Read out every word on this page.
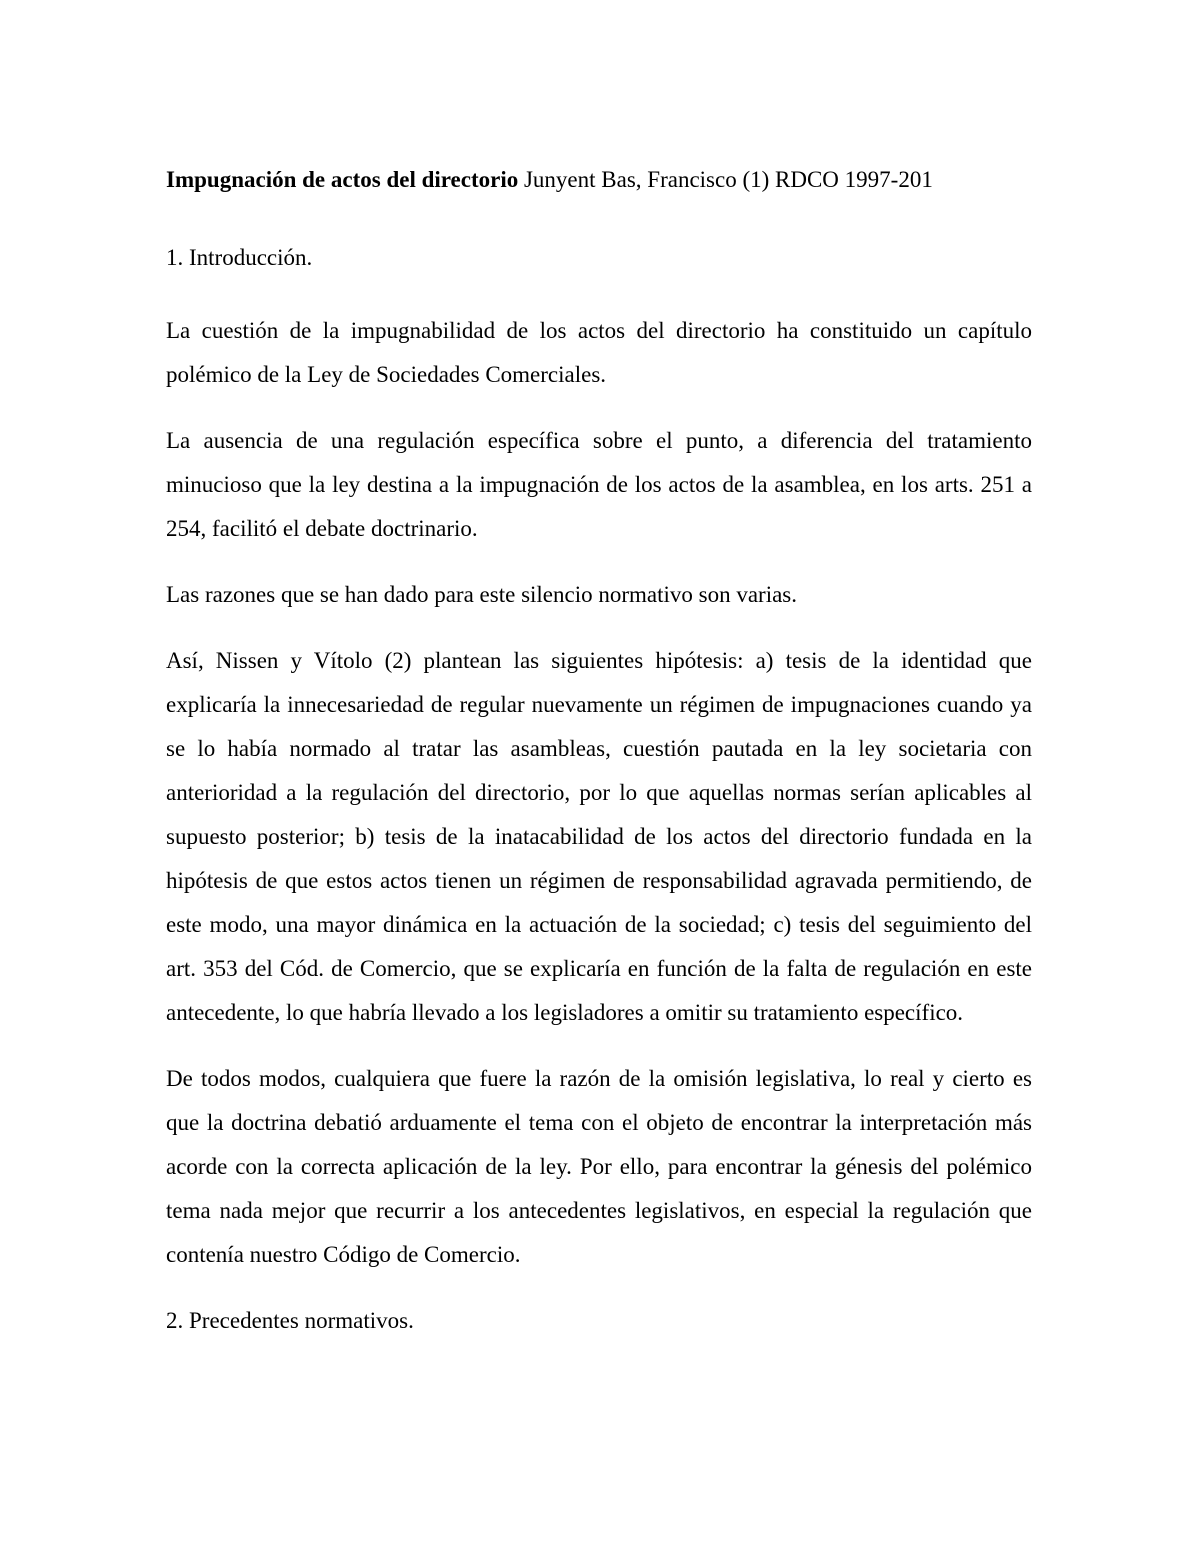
Impugnación de actos del directorio Junyent Bas, Francisco (1) RDCO 1997-201

1. Introducción.

La cuestión de la impugnabilidad de los actos del directorio ha constituido un capítulo polémico de la Ley de Sociedades Comerciales.

La ausencia de una regulación específica sobre el punto, a diferencia del tratamiento minucioso que la ley destina a la impugnación de los actos de la asamblea, en los arts. 251 a 254, facilitó el debate doctrinario.

Las razones que se han dado para este silencio normativo son varias.

Así, Nissen y Vítolo (2) plantean las siguientes hipótesis: a) tesis de la identidad que explicaría la innecesariedad de regular nuevamente un régimen de impugnaciones cuando ya se lo había normado al tratar las asambleas, cuestión pautada en la ley societaria con anterioridad a la regulación del directorio, por lo que aquellas normas serían aplicables al supuesto posterior; b) tesis de la inatacabilidad de los actos del directorio fundada en la hipótesis de que estos actos tienen un régimen de responsabilidad agravada permitiendo, de este modo, una mayor dinámica en la actuación de la sociedad; c) tesis del seguimiento del art. 353 del Cód. de Comercio, que se explicaría en función de la falta de regulación en este antecedente, lo que habría llevado a los legisladores a omitir su tratamiento específico.

De todos modos, cualquiera que fuere la razón de la omisión legislativa, lo real y cierto es que la doctrina debatió arduamente el tema con el objeto de encontrar la interpretación más acorde con la correcta aplicación de la ley. Por ello, para encontrar la génesis del polémico tema nada mejor que recurrir a los antecedentes legislativos, en especial la regulación que contenía nuestro Código de Comercio.

2. Precedentes normativos.
